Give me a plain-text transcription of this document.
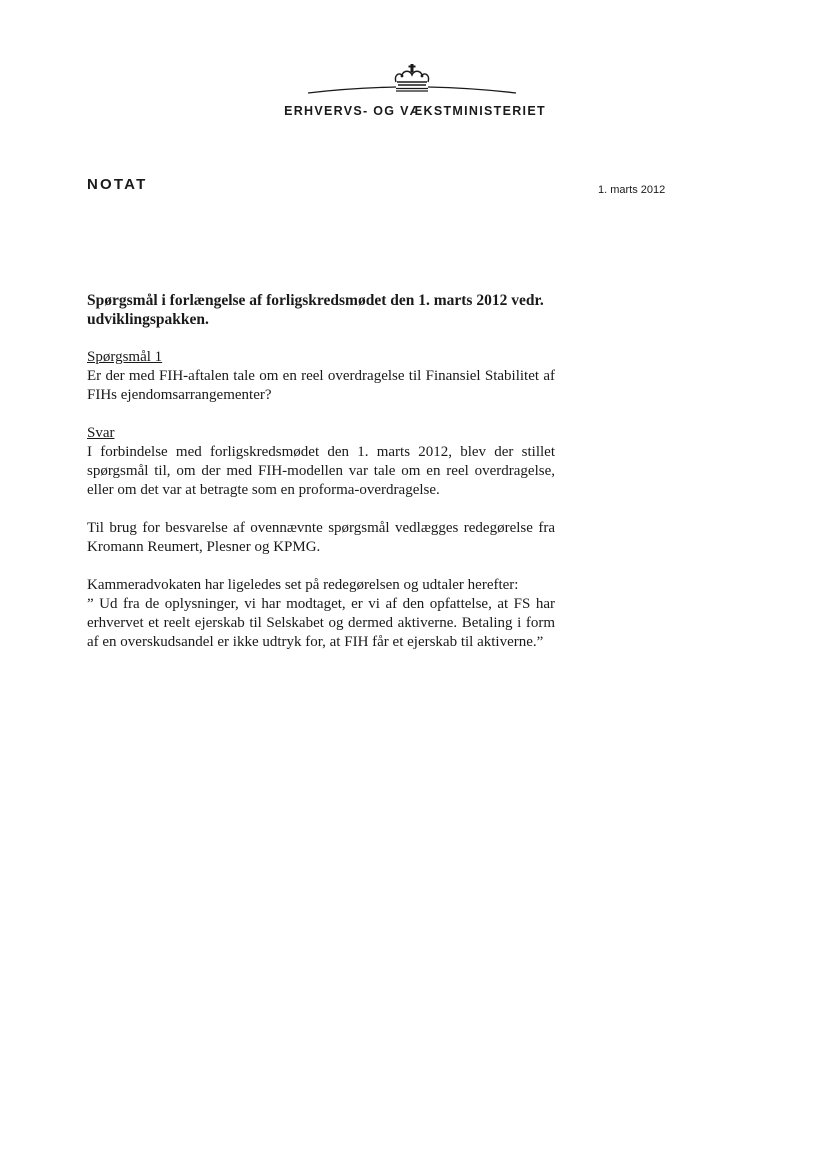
ERHVERVS- OG VÆKSTMINISTERIET
NOTAT	1. marts 2012

Spørgsmål i forlængelse af forligskredsmødet den 1. marts 2012 vedr. udviklingspakken.

Spørgsmål 1

Er der med FIH-aftalen tale om en reel overdragelse til Finansiel Stabilitet af FIHs ejendomsarrangementer?

Svar

I forbindelse med forligskredsmødet den 1. marts 2012, blev der stillet spørgsmål til, om der med FIH-modellen var tale om en reel overdragelse, eller om det var at betragte som en proforma-overdragelse.

Til brug for besvarelse af ovennævnte spørgsmål vedlægges redegørelse fra Kromann Reumert, Plesner og KPMG.

Kammeradvokaten har ligeledes set på redegørelsen og udtaler herefter:

” Ud fra de oplysninger, vi har modtaget, er vi af den opfattelse, at FS har erhvervet et reelt ejerskab til Selskabet og dermed aktiverne. Betaling i form af en overskudsandel er ikke udtryk for, at FIH får et ejerskab til aktiverne.”
